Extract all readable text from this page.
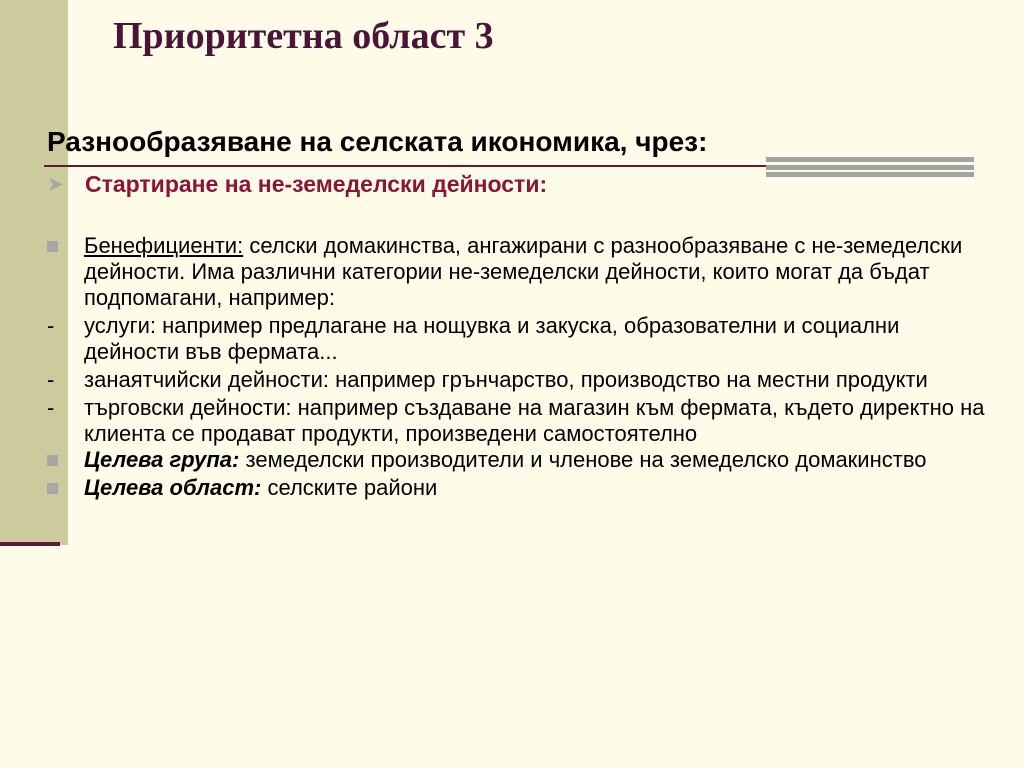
Приоритетна област 3
Разнообразяване на селската икономика, чрез:
➤ Стартиране на не-земеделски дейности:
Бенефициенти: селски домакинства, ангажирани с разнообразяване с не-земеделски дейности. Има различни категории не-земеделски дейности, които могат да бъдат подпомагани, например:
- услуги: например предлагане на нощувка и закуска, образователни и социални дейности във фермата...
- занаятчийски дейности: например грънчарство, производство на местни продукти
- търговски дейности: например създаване на магазин към фермата, където директно на клиента се продават продукти, произведени самостоятелно
Целева група: земеделски производители и членове на земеделско домакинство
Целева област: селските райони
